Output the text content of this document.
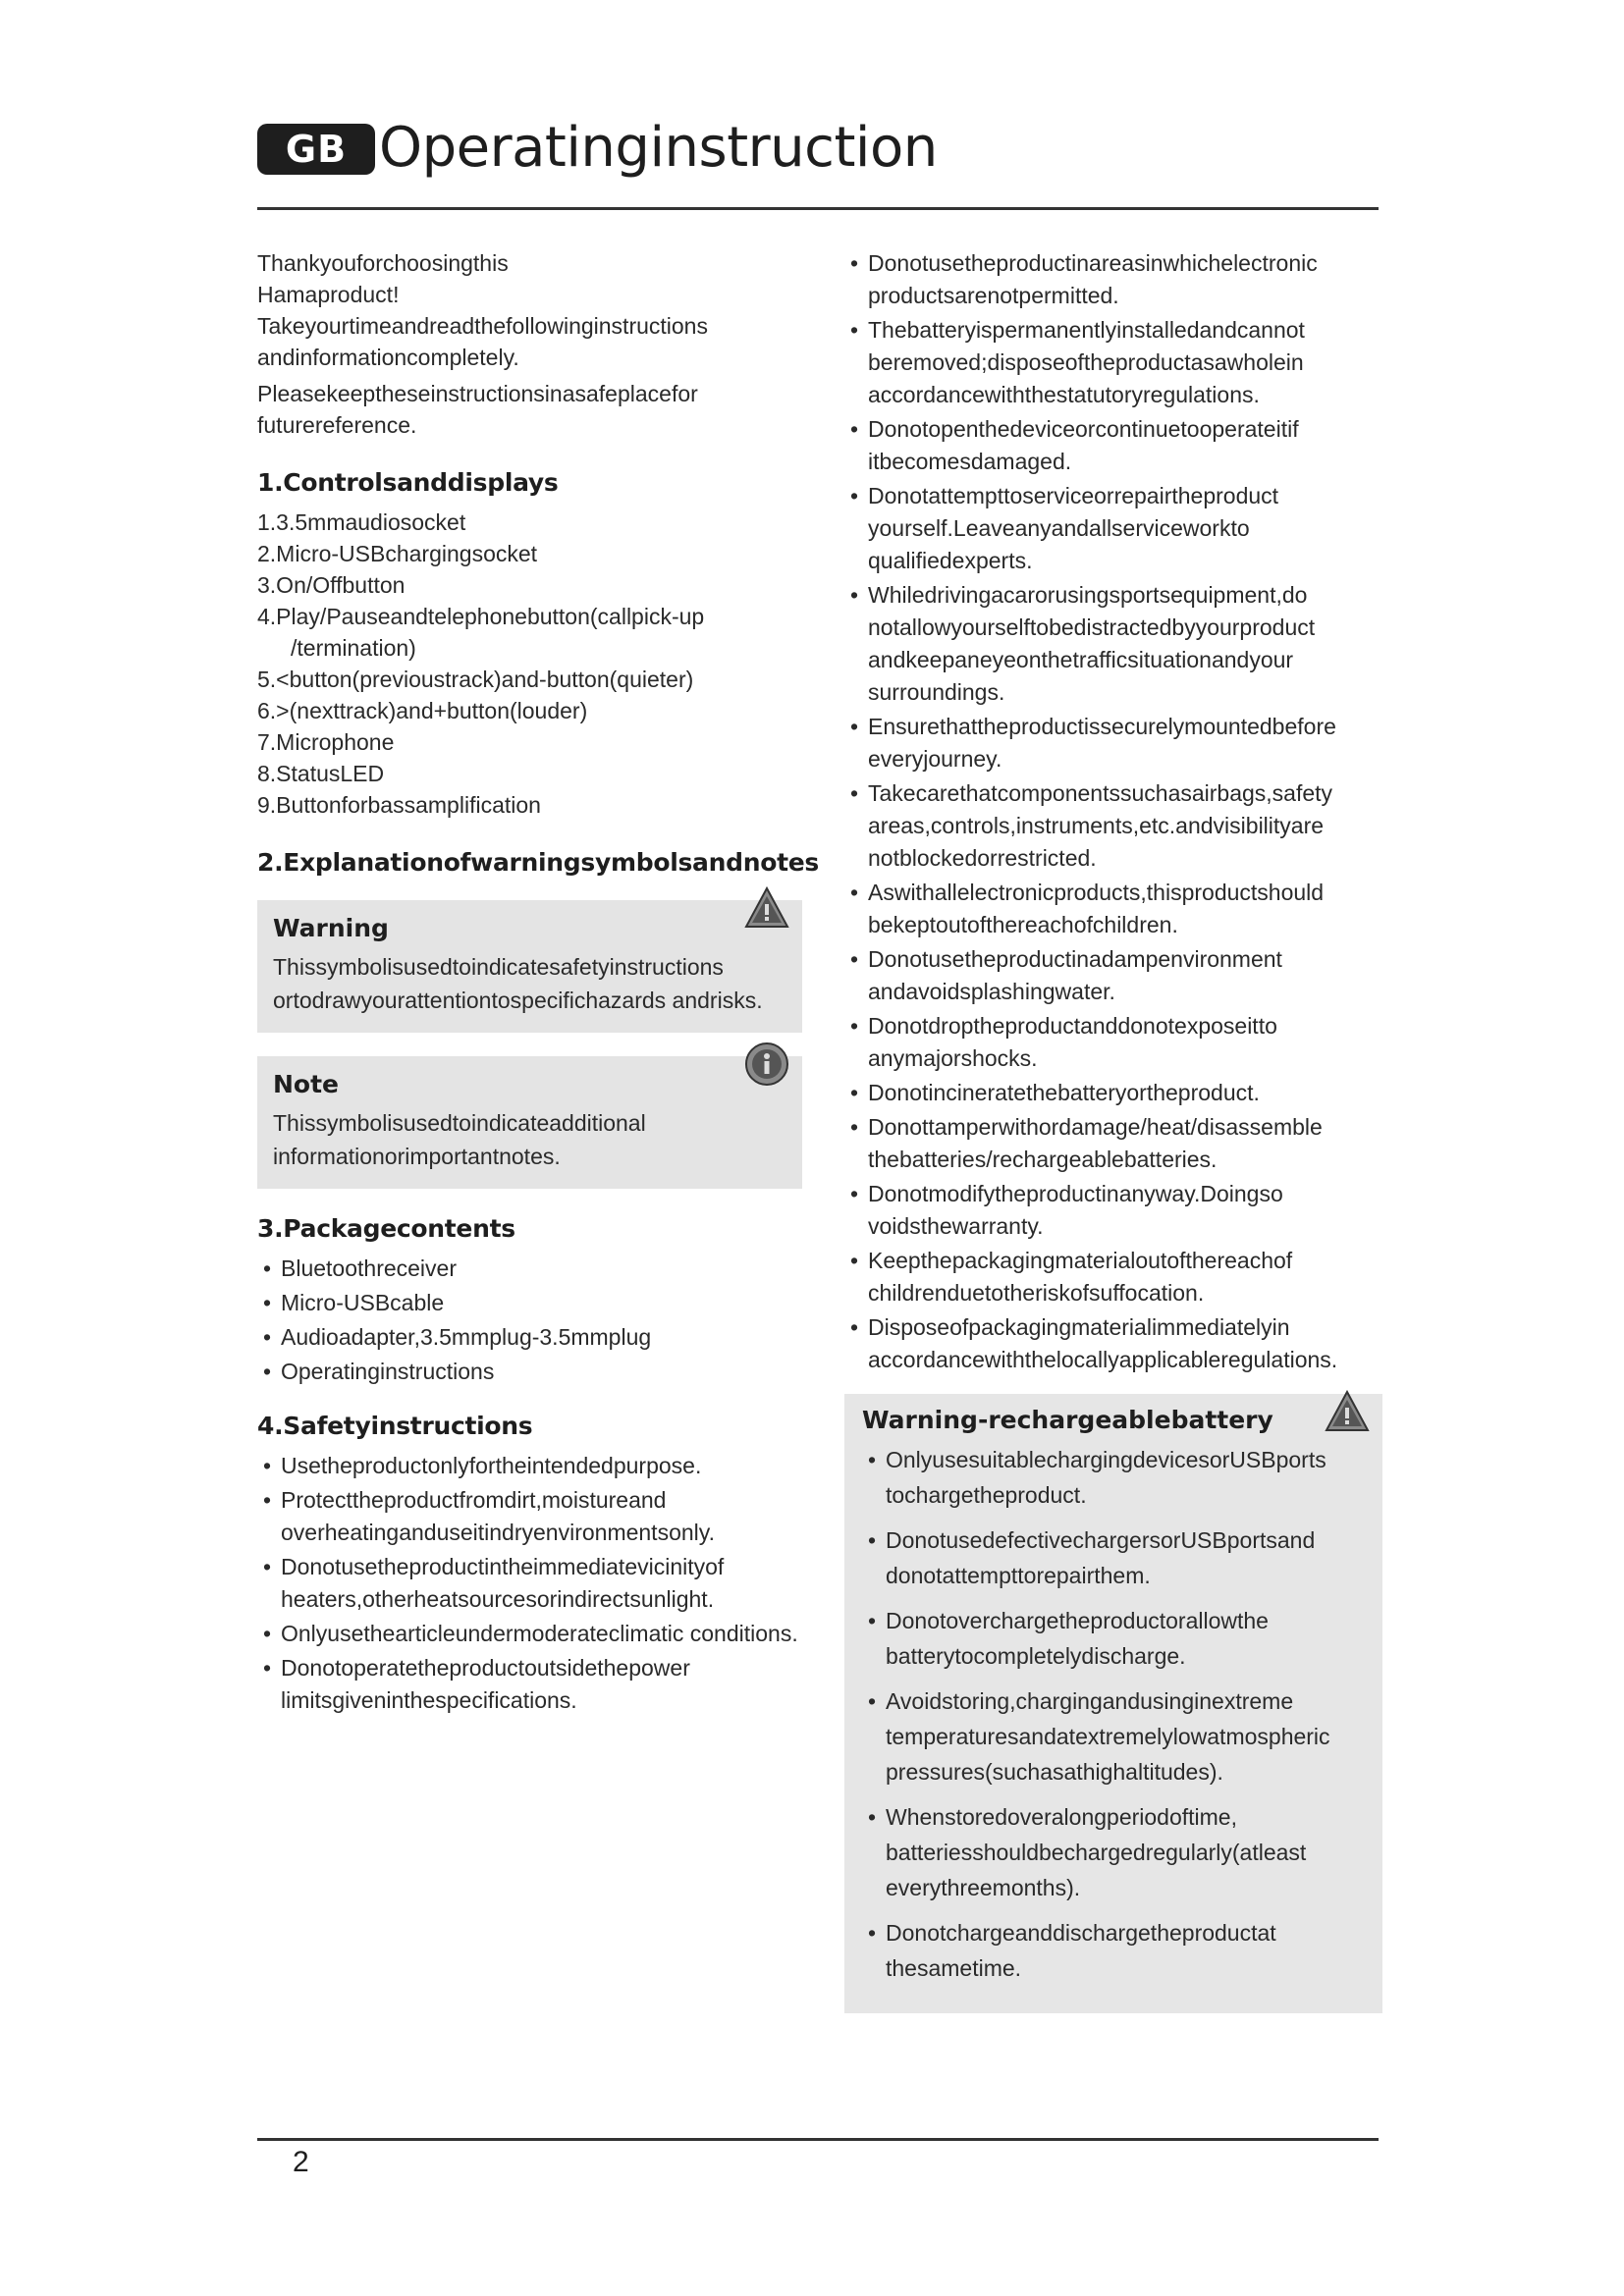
GB Operatinginstruction

Thankyouforchoosingthis

Hamaproduct!

Takeyourtimeandreadthefollowinginstructions andinformationcompletely.

Pleasekeeptheseinstructionsinasafeplacefor futurereference.

1.Controlsanddisplays
1.3.5mmaudiosocket
2.Micro-USBchargingsocket
3.On/Offbutton
4.Play/Pauseandtelephonebutton(callpick-up /termination)
5.<button(previoustrack)and-button(quieter)
6.>(nexttrack)and+button(louder)
7.Microphone
8.StatusLED
9.Buttonforbassamplification
2.Explanationofwarningsymbolsandnotes
Warning
Thissymbolisusedtoindicatesafetyinstructions ortodrawyourattentiontospecifichazards andrisks.
Note
Thissymbolisusedtoindicateadditional informationorimportantnotes.
3.Packagecontents
• Bluetoothreceiver
• Micro-USBcable
• Audioadapter,3.5mmplug-3.5mmplug
• Operatinginstructions
4.Safetyinstructions
• Usetheproductonlyfortheintendedpurpose.
• Protecttheproductfromdirt,moistureand overheatinganduseitindryenvironmentsonly.
• Donotusetheproductintheimmediatevicinityof heaters,otherheatsourcesorindirectsunlight.
• Onlyusethearticleundermoderateclimatic conditions.
• Donotoperatetheproductoutsidethepower limitsgiveninthespecifications.
• Donotusetheproductinareasinwhichelectronic productsarenotpermitted.
• Thebatteryispermanentlyinstalledandcannot beremoved;disposeoftheproductasawholein accordancewiththestatutoryregulations.
• Donotopenthedeviceorcontinuetooperateitif itbecomesdamaged.
• Donotattempttoserviceorrepairtheproduct yourself.Leaveanyandallserviceworkto qualifiedexperts.
• Whiledrivingacarorusingsportsequipment,do notallowyourselftobedistractedbyyourproduct andkeepaneyeonthetrafficsituationandyour surroundings.
• Ensurethattheproductissecurelymountedbefore everyjourney.
• Takecarethatcomponentssuchasairbags,safety areas,controls,instruments,etc.andvisibilityare notblockedorrestricted.
• Aswithallelectronicproducts,thisproductshould bekeptoutofthereachofchildren.
• Donotusetheproductinadampenvironment andavoidsplashingwater.
• Donotdroptheproductanddonotexposeitto anymajorshocks.
• Donotincineratethebatteryortheproduct.
• Donottamperwithordamage/heat/disassemble thebatteries/rechargeablebatteries.
• Donotmodifytheproductinanyway.Doingso voidsthewarranty.
• Keepthepackagingmaterialoutofthereachof childrenduetotheriskofsuffocation.
• Disposeofpackagingmaterialimmediatelyin accordancewiththelocallyapplicableregulations.
Warning-rechargeablebattery
• OnlyusesuitablechargingdevicesorUSBports tochargetheproduct.
• DonotusedefectivechargersorUSBportsand donotattempttorepairthem.
• Donotoverchargetheproductorallowthe batterytocompletelydischarge.
• Avoidstoring,chargingandusinginextreme temperaturesandatextremelylowatmospheric pressures(suchasathighaltitudes).
• Whenstoredoveralongperiodoftime, batteriesshouldbechargedregularly(atleast everythreemonths).
• Donotchargeanddischargetheproductat thesametime.
2
